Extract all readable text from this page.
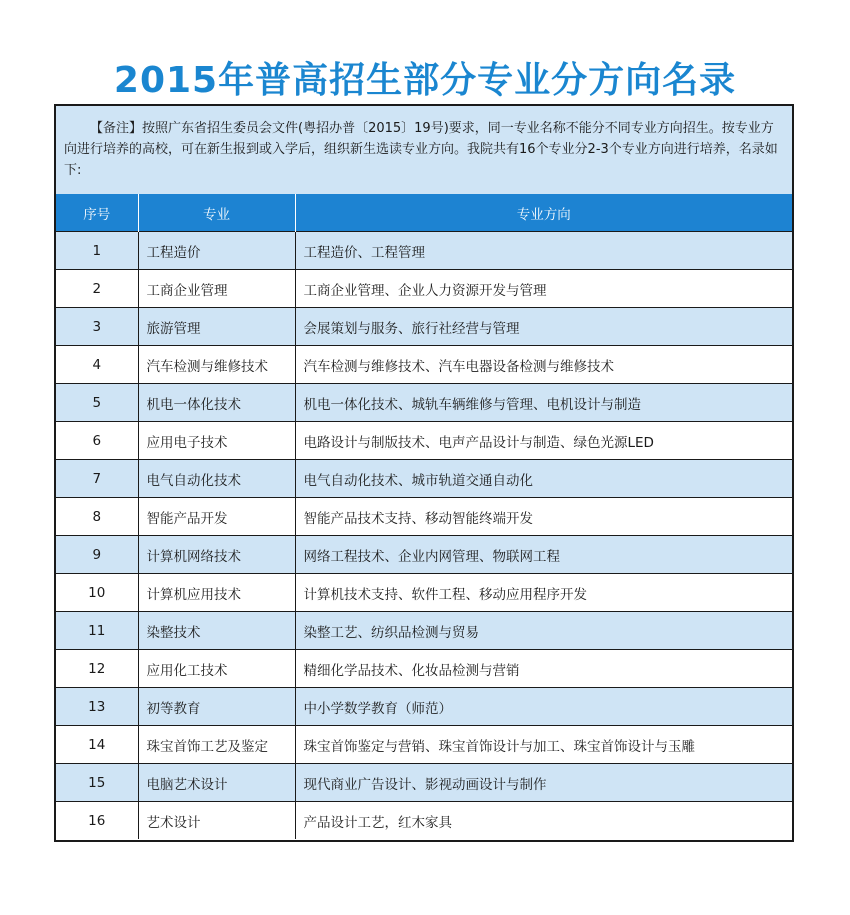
2015年普高招生部分专业分方向名录
【备注】按照广东省招生委员会文件(粤招办普〔2015〕19号)要求，同一专业名称不能分不同专业方向招生。按专业方向进行培养的高校，可在新生报到或入学后，组织新生选读专业方向。我院共有16个专业分2-3个专业方向进行培养，名录如下:
序号	专业	专业方向
1	工程造价	工程造价、工程管理
2	工商企业管理	工商企业管理、企业人力资源开发与管理
3	旅游管理	会展策划与服务、旅行社经营与管理
4	汽车检测与维修技术	汽车检测与维修技术、汽车电器设备检测与维修技术
5	机电一体化技术	机电一体化技术、城轨车辆维修与管理、电机设计与制造
6	应用电子技术	电路设计与制版技术、电声产品设计与制造、绿色光源LED
7	电气自动化技术	电气自动化技术、城市轨道交通自动化
8	智能产品开发	智能产品技术支持、移动智能终端开发
9	计算机网络技术	网络工程技术、企业内网管理、物联网工程
10	计算机应用技术	计算机技术支持、软件工程、移动应用程序开发
11	染整技术	染整工艺、纺织品检测与贸易
12	应用化工技术	精细化学品技术、化妆品检测与营销
13	初等教育	中小学数学教育（师范）
14	珠宝首饰工艺及鉴定	珠宝首饰鉴定与营销、珠宝首饰设计与加工、珠宝首饰设计与玉雕
15	电脑艺术设计	现代商业广告设计、影视动画设计与制作
16	艺术设计	产品设计工艺，红木家具
